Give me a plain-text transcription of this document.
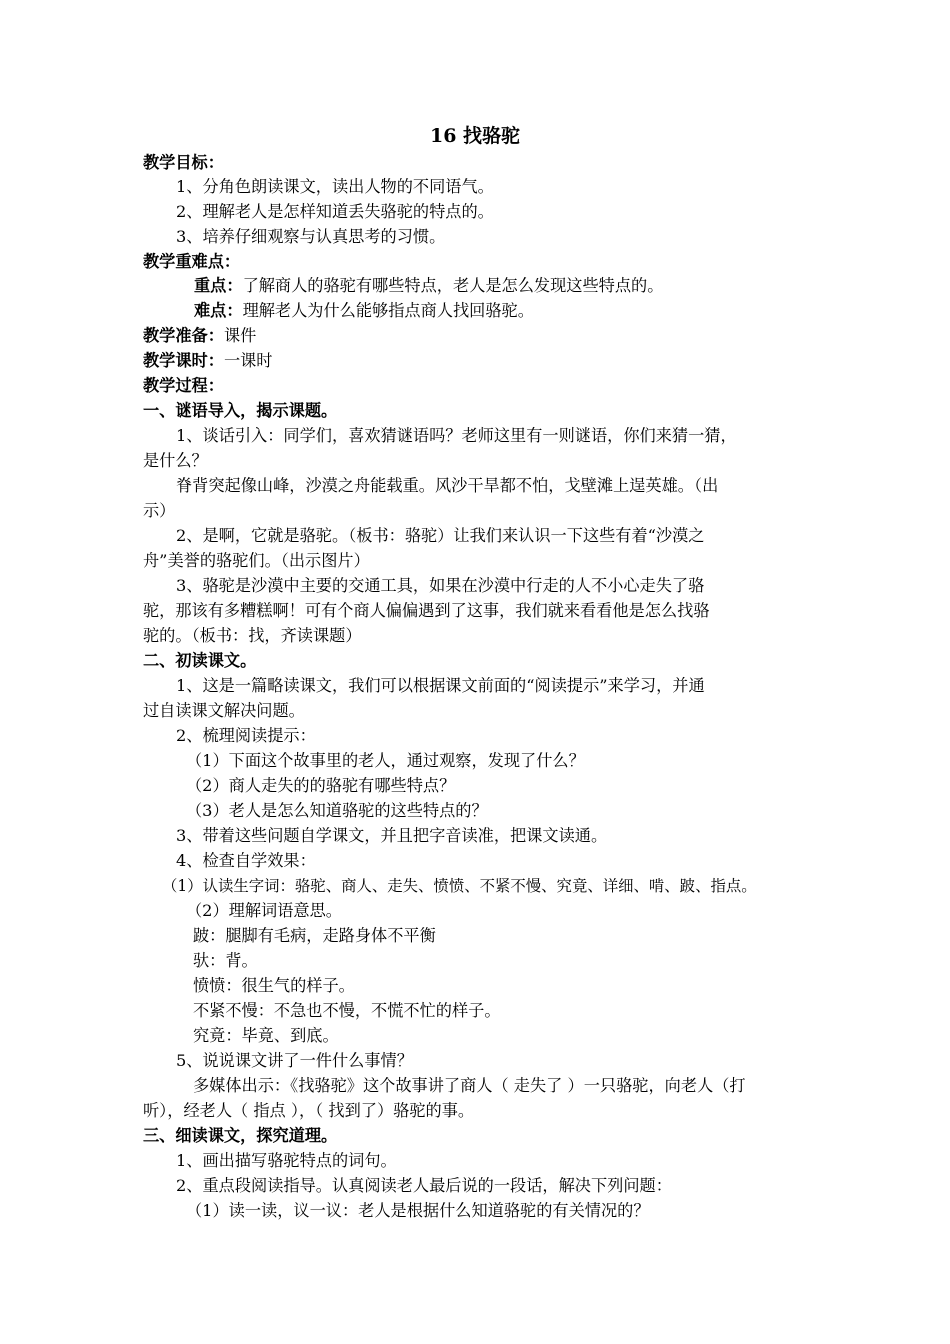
16 找骆驼
教学目标：
1、分角色朗读课文，读出人物的不同语气。
2、理解老人是怎样知道丢失骆驼的特点的。
3、培养仔细观察与认真思考的习惯。
教学重难点：
重点：了解商人的骆驼有哪些特点，老人是怎么发现这些特点的。
难点：理解老人为什么能够指点商人找回骆驼。
教学准备：课件
教学课时：一课时
教学过程：
一、谜语导入，揭示课题。
1、谈话引入：同学们，喜欢猜谜语吗？老师这里有一则谜语，你们来猜一猜，
是什么？
脊背突起像山峰，沙漠之舟能载重。风沙干旱都不怕，戈壁滩上逞英雄。（出
示）
2、是啊，它就是骆驼。（板书：骆驼）让我们来认识一下这些有着“沙漠之
舟”美誉的骆驼们。（出示图片）
3、骆驼是沙漠中主要的交通工具，如果在沙漠中行走的人不小心走失了骆
驼，那该有多糟糕啊！可有个商人偏偏遇到了这事，我们就来看看他是怎么找骆
驼的。（板书：找，齐读课题）
二、初读课文。
1、这是一篇略读课文，我们可以根据课文前面的“阅读提示”来学习，并通
过自读课文解决问题。
2、梳理阅读提示：
（1）下面这个故事里的老人，通过观察，发现了什么？
（2）商人走失的的骆驼有哪些特点？
（3）老人是怎么知道骆驼的这些特点的？
3、带着这些问题自学课文，并且把字音读准，把课文读通。
4、检查自学效果：
（1）认读生字词：骆驼、商人、走失、愤愤、不紧不慢、究竟、详细、啃、跛、指点。
（2）理解词语意思。
跛：腿脚有毛病，走路身体不平衡
驮：背。
愤愤：很生气的样子。
不紧不慢：不急也不慢，不慌不忙的样子。
究竟：毕竟、到底。
5、说说课文讲了一件什么事情？
多媒体出示：《找骆驼》这个故事讲了商人（ 走失了 ）一只骆驼，向老人（打
听），经老人（ 指点 ），（ 找到了）骆驼的事。
三、细读课文，探究道理。
1、画出描写骆驼特点的词句。
2、重点段阅读指导。认真阅读老人最后说的一段话，解决下列问题：
（1）读一读，议一议：老人是根据什么知道骆驼的有关情况的？
